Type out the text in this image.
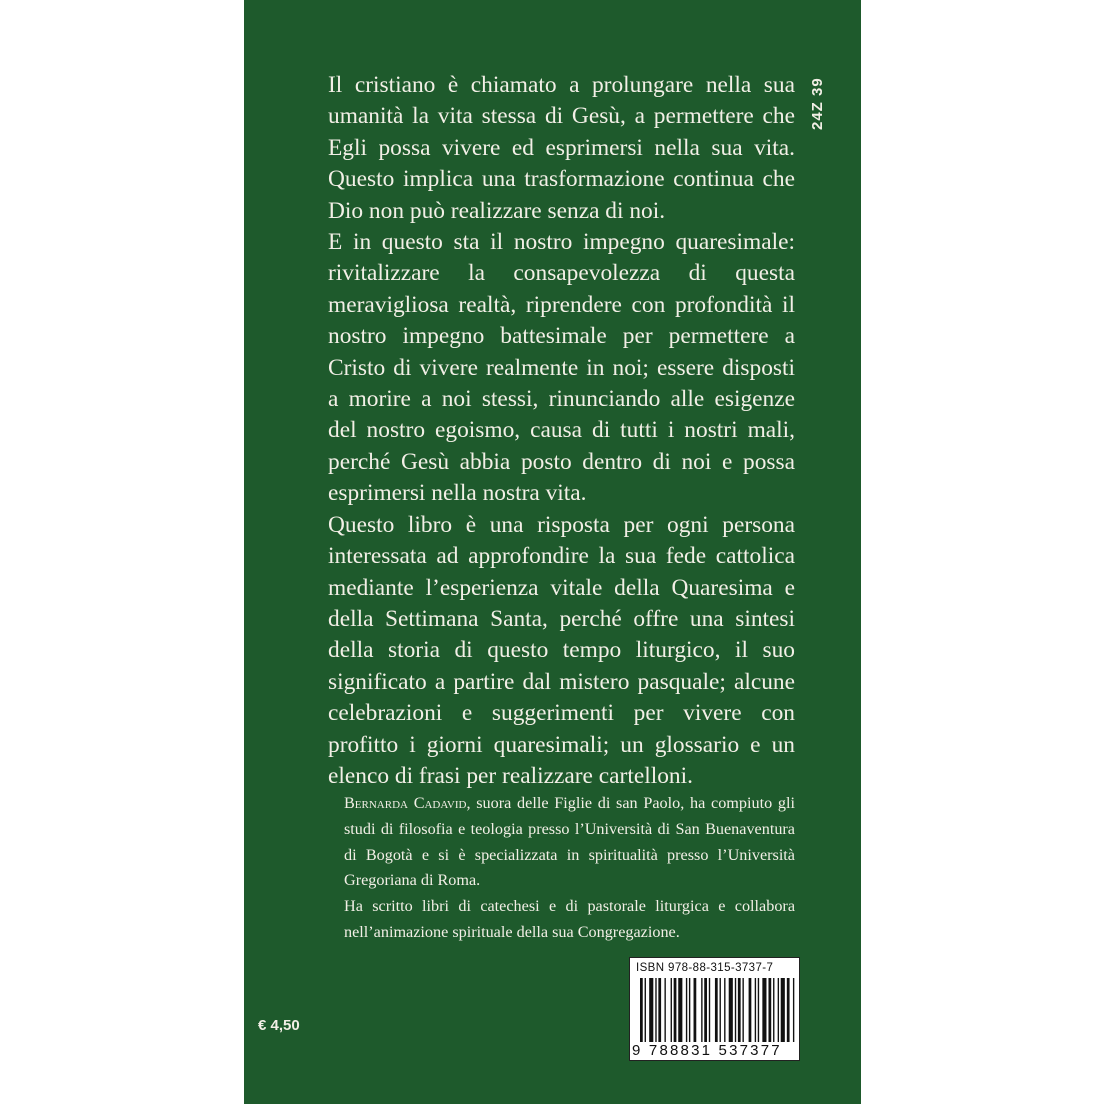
Il cristiano è chiamato a prolungare nella sua umanità la vita stessa di Gesù, a permettere che Egli possa vivere ed esprimersi nella sua vita. Questo implica una trasformazione continua che Dio non può realizzare senza di noi.

E in questo sta il nostro impegno quaresimale: rivitalizzare la consapevolezza di questa meravigliosa realtà, riprendere con profondità il nostro impegno battesimale per permettere a Cristo di vivere realmente in noi; essere disposti a morire a noi stessi, rinunciando alle esigenze del nostro egoismo, causa di tutti i nostri mali, perché Gesù abbia posto dentro di noi e possa esprimersi nella nostra vita.

Questo libro è una risposta per ogni persona interessata ad approfondire la sua fede cattolica mediante l’esperienza vitale della Quaresima e della Settimana Santa, perché offre una sintesi della storia di questo tempo liturgico, il suo significato a partire dal mistero pasquale; alcune celebrazioni e suggerimenti per vivere con profitto i giorni quaresimali; un glossario e un elenco di frasi per realizzare cartelloni.

24Z 39

Bernarda Cadavid, suora delle Figlie di san Paolo, ha compiuto gli studi di filosofia e teologia presso l’Università di San Buenaventura di Bogotà e si è specializzata in spiritualità presso l’Università Gregoriana di Roma.

Ha scritto libri di catechesi e di pastorale liturgica e collabora nell’animazione spirituale della sua Congregazione.

€ 4,50
ISBN 978-88-315-3737-7
9 788831 537377
